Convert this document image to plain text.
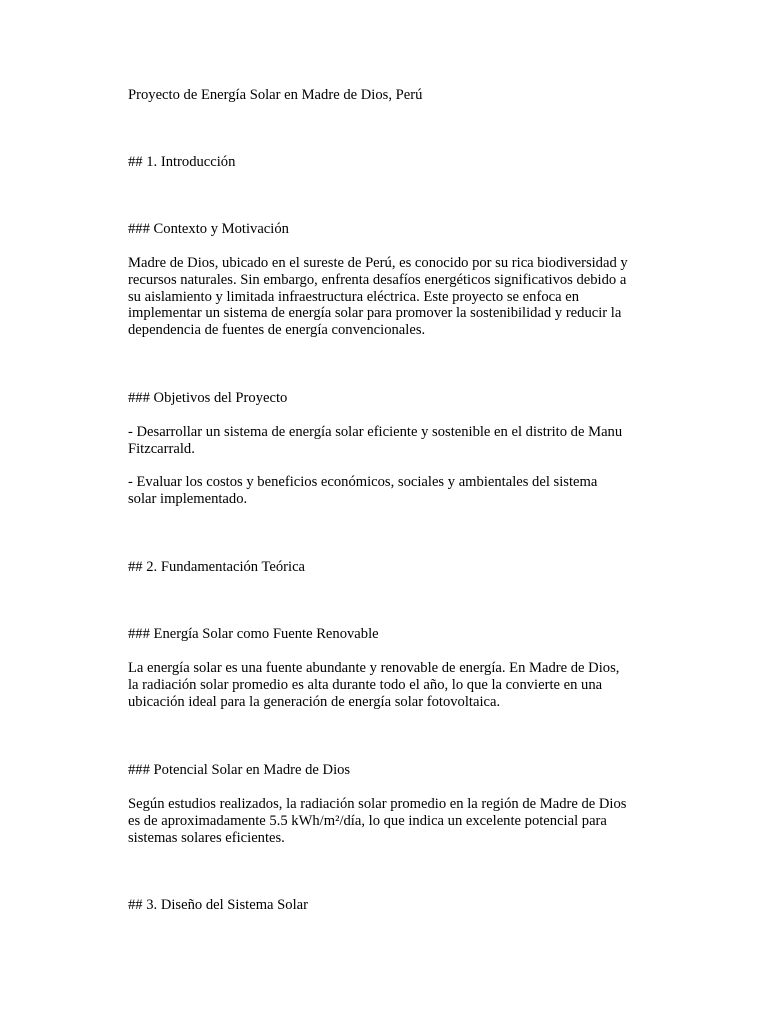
Proyecto de Energía Solar en Madre de Dios, Perú

## 1. Introducción

### Contexto y Motivación

Madre de Dios, ubicado en el sureste de Perú, es conocido por su rica biodiversidad y
recursos naturales. Sin embargo, enfrenta desafíos energéticos significativos debido a
su aislamiento y limitada infraestructura eléctrica. Este proyecto se enfoca en
implementar un sistema de energía solar para promover la sostenibilidad y reducir la
dependencia de fuentes de energía convencionales.

### Objetivos del Proyecto

- Desarrollar un sistema de energía solar eficiente y sostenible en el distrito de Manu
Fitzcarrald.
- Evaluar los costos y beneficios económicos, sociales y ambientales del sistema
solar implementado.

## 2. Fundamentación Teórica

### Energía Solar como Fuente Renovable

La energía solar es una fuente abundante y renovable de energía. En Madre de Dios,
la radiación solar promedio es alta durante todo el año, lo que la convierte en una
ubicación ideal para la generación de energía solar fotovoltaica.

### Potencial Solar en Madre de Dios

Según estudios realizados, la radiación solar promedio en la región de Madre de Dios
es de aproximadamente 5.5 kWh/m²/día, lo que indica un excelente potencial para
sistemas solares eficientes.

## 3. Diseño del Sistema Solar
